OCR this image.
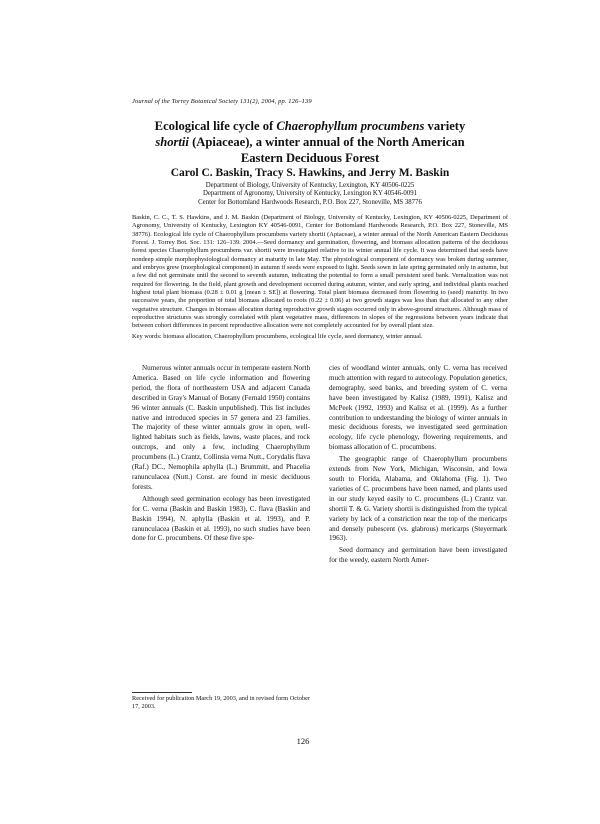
Journal of the Torrey Botanical Society 131(2), 2004, pp. 126–139
Ecological life cycle of Chaerophyllum procumbens variety
shortii (Apiaceae), a winter annual of the North American
Eastern Deciduous Forest
Carol C. Baskin, Tracy S. Hawkins, and Jerry M. Baskin
Department of Biology, University of Kentucky, Lexington, KY 40506-0225
Department of Agronomy, University of Kentucky, Lexington KY 40546-0091
Center for Bottomland Hardwoods Research, P.O. Box 227, Stoneville, MS 38776
Baskin, C. C., T. S. Hawkins, and J. M. Baskin (Department of Biology, University of Kentucky, Lexington, KY 40506-0225, Department of Agronomy, University of Kentucky, Lexington KY 40546-0091, Center for Bottomland Hardwoods Research, P.O. Box 227, Stoneville, MS 38776). Ecological life cycle of Chaerophyllum procumbens variety shortii (Apiaceae), a winter annual of the North American Eastern Deciduous Forest. J. Torrey Bot. Soc. 131: 126–139. 2004.—Seed dormancy and germination, flowering, and biomass allocation patterns of the deciduous forest species Chaerophyllum procumbens var. shortii were investigated relative to its winter annual life cycle. It was determined that seeds have nondeep simple morphophysiological dormancy at maturity in late May. The physiological component of dormancy was broken during summer, and embryos grew (morphological component) in autumn if seeds were exposed to light. Seeds sown in late spring germinated only in autumn, but a few did not germinate until the second to seventh autumn, indicating the potential to form a small persistent seed bank. Vernalization was not required for flowering. In the field, plant growth and development occurred during autumn, winter, and early spring, and individual plants reached highest total plant biomass (0.28 ± 0.01 g [mean ± SE]) at flowering. Total plant biomass decreased from flowering to (seed) maturity. In two successive years, the proportion of total biomass allocated to roots (0.22 ± 0.06) at two growth stages was less than that allocated to any other vegetative structure. Changes in biomass allocation during reproductive growth stages occurred only in above-ground structures. Although mass of reproductive structures was strongly correlated with plant vegetative mass, differences in slopes of the regressions between years indicate that between cohort differences in percent reproductive allocation were not completely accounted for by overall plant size.
Key words: biomass allocation, Chaerophyllum procumbens, ecological life cycle, seed dormancy, winter annual.

Numerous winter annuals occur in temperate eastern North America. Based on life cycle information and flowering period, the flora of northeastern USA and adjacent Canada described in Gray's Manual of Botany (Fernald 1950) contains 96 winter annuals (C. Baskin unpublished). This list includes native and introduced species in 57 genera and 23 families. The majority of these winter annuals grow in open, well-lighted habitats such as fields, lawns, waste places, and rock outcrops, and only a few, including Chaerophyllum procumbens (L.) Crantz, Collinsia verna Nutt., Corydalis flava (Raf.) DC., Nemophila aphylla (L.) Brummitt, and Phacelia ranunculacea (Nutt.) Const. are found in mesic deciduous forests.

Although seed germination ecology has been investigated for C. verna (Baskin and Baskin 1983), C. flava (Baskin and Baskin 1994), N. aphylla (Baskin et al. 1993), and P. ranunculacea (Baskin et al. 1993), no such studies have been done for C. procumbens. Of these five spe-

cies of woodland winter annuals, only C. verna has received much attention with regard to autecology. Population genetics, demography, seed banks, and breeding system of C. verna have been investigated by Kalisz (1989, 1991), Kalisz and McPeek (1992, 1993) and Kalisz et al. (1999). As a further contribution to understanding the biology of winter annuals in mesic deciduous forests, we investigated seed germination ecology, life cycle phenology, flowering requirements, and biomass allocation of C. procumbens.

The geographic range of Chaerophyllum procumbens extends from New York, Michigan, Wisconsin, and Iowa south to Florida, Alabama, and Oklahoma (Fig. 1). Two varieties of C. procumbens have been named, and plants used in our study keyed easily to C. procumbens (L.) Crantz var. shortii T. & G. Variety shortii is distinguished from the typical variety by lack of a constriction near the top of the mericarps and densely pubescent (vs. glabrous) mericarps (Steyermark 1963).

Seed dormancy and germination have been investigated for the weedy, eastern North Amer-

Received for publication March 19, 2003, and in revised form October 17, 2003.
126
